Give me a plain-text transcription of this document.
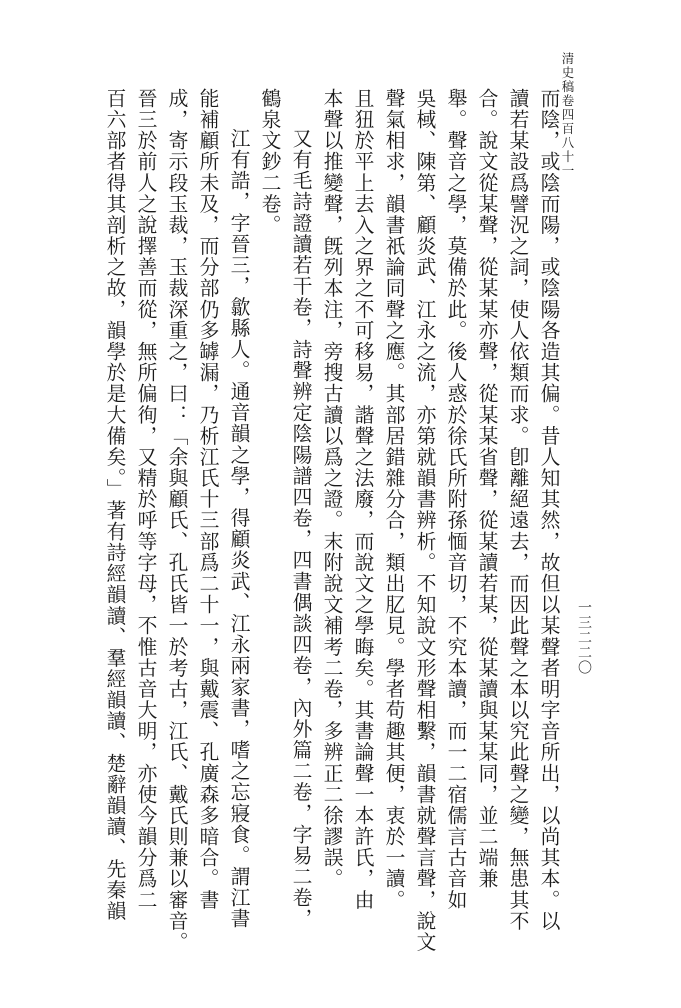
清史稿卷四百八十一
一三二二〇
而陰，或陰而陽，或陰陽各造其偏。昔人知其然，故但以某聲者明字音所出，以尚其本。以
讀若某設爲譬況之詞，使人依類而求。卽離絕遠去，而因此聲之本以究此聲之變，無患其不
合。說文從某聲，從某某亦聲，從某某省聲，從某讀若某，從某讀與某某同，並二端兼
舉。聲音之學，莫備於此。後人惑於徐氏所附孫愐音切，不究本讀，而一二宿儒言古音如
吳棫、陳第、顧炎武、江永之流，亦第就韻書辨析。不知說文形聲相繫，韻書就聲言聲，說文
聲氣相求，韻書祇論同聲之應。其部居錯雜分合，類出肊見。學者苟趣其便，衷於一讀。
且狃於平上去入之界之不可移易，諧聲之法廢，而說文之學晦矣。其書論聲一本許氏，由
本聲以推變聲，旣列本注，旁搜古讀以爲之證。末附說文補考二卷，多辨正二徐謬誤。
又有毛詩證讀若干卷，詩聲辨定陰陽譜四卷，四書偶談四卷，內外篇二卷，字易二卷，
鶴泉文鈔二卷。
江有誥，字晉三，歙縣人。通音韻之學，得顧炎武、江永兩家書，嗜之忘寢食。謂江書
能補顧所未及，而分部仍多罅漏，乃析江氏十三部爲二十一，與戴震、孔廣森多暗合。書
成，寄示段玉裁，玉裁深重之，曰：「余與顧氏、孔氏皆一於考古，江氏、戴氏則兼以審音。
晉三於前人之說擇善而從，無所偏徇，又精於呼等字母，不惟古音大明，亦使今韻分爲二
百六部者得其剖析之故，韻學於是大備矣。」著有詩經韻讀、羣經韻讀、楚辭韻讀、先秦韻
